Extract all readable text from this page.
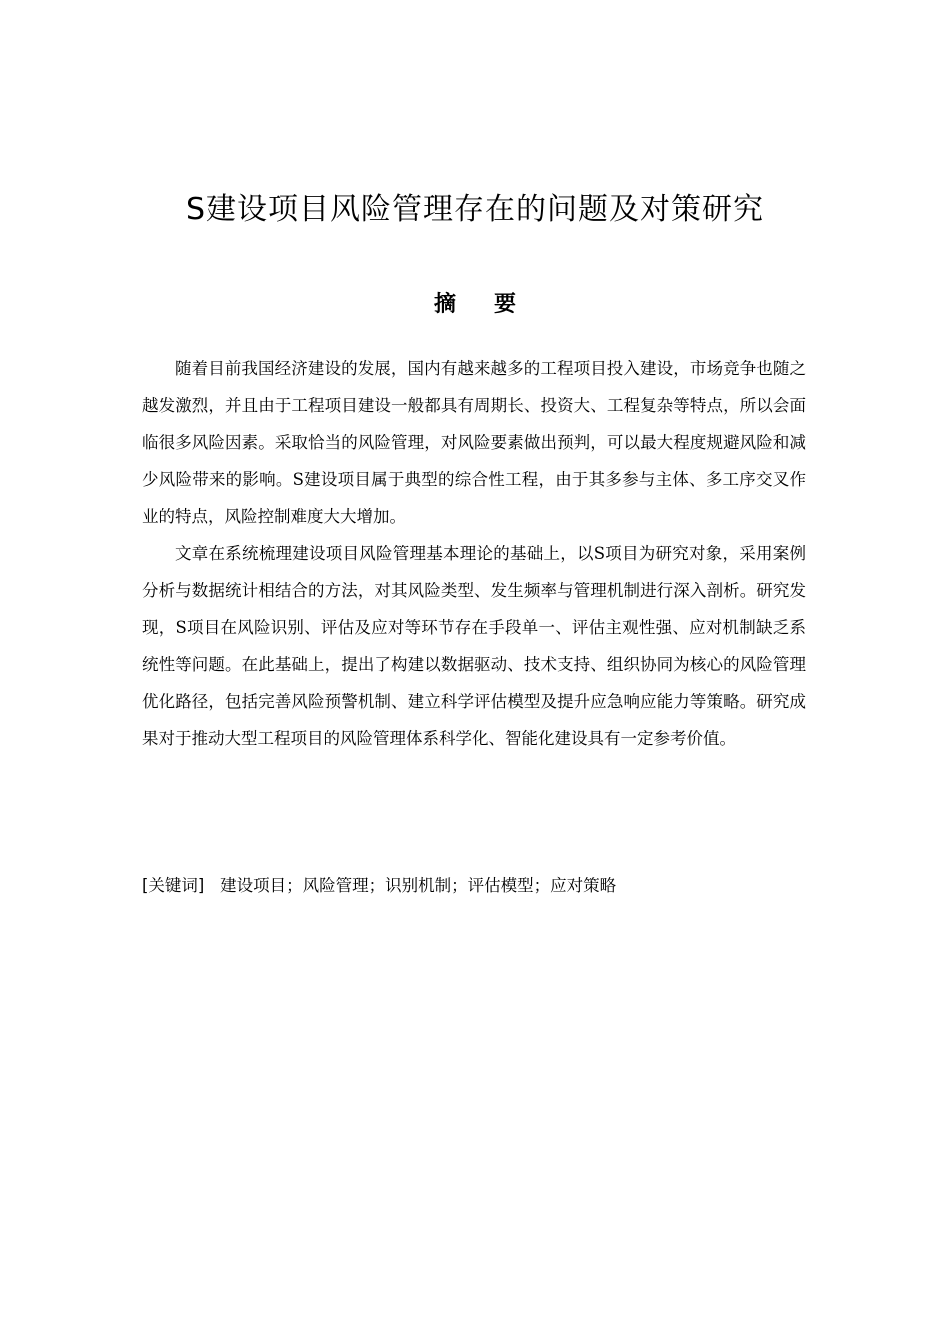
S建设项目风险管理存在的问题及对策研究
摘要

随着目前我国经济建设的发展，国内有越来越多的工程项目投入建设，市场竞争也随之越发激烈，并且由于工程项目建设一般都具有周期长、投资大、工程复杂等特点，所以会面临很多风险因素。采取恰当的风险管理，对风险要素做出预判，可以最大程度规避风险和减少风险带来的影响。S建设项目属于典型的综合性工程，由于其多参与主体、多工序交叉作业的特点，风险控制难度大大增加。

文章在系统梳理建设项目风险管理基本理论的基础上，以S项目为研究对象，采用案例分析与数据统计相结合的方法，对其风险类型、发生频率与管理机制进行深入剖析。研究发现，S项目在风险识别、评估及应对等环节存在手段单一、评估主观性强、应对机制缺乏系统性等问题。在此基础上，提出了构建以数据驱动、技术支持、组织协同为核心的风险管理优化路径，包括完善风险预警机制、建立科学评估模型及提升应急响应能力等策略。研究成果对于推动大型工程项目的风险管理体系科学化、智能化建设具有一定参考价值。

[关键词] 建设项目；风险管理；识别机制；评估模型；应对策略
